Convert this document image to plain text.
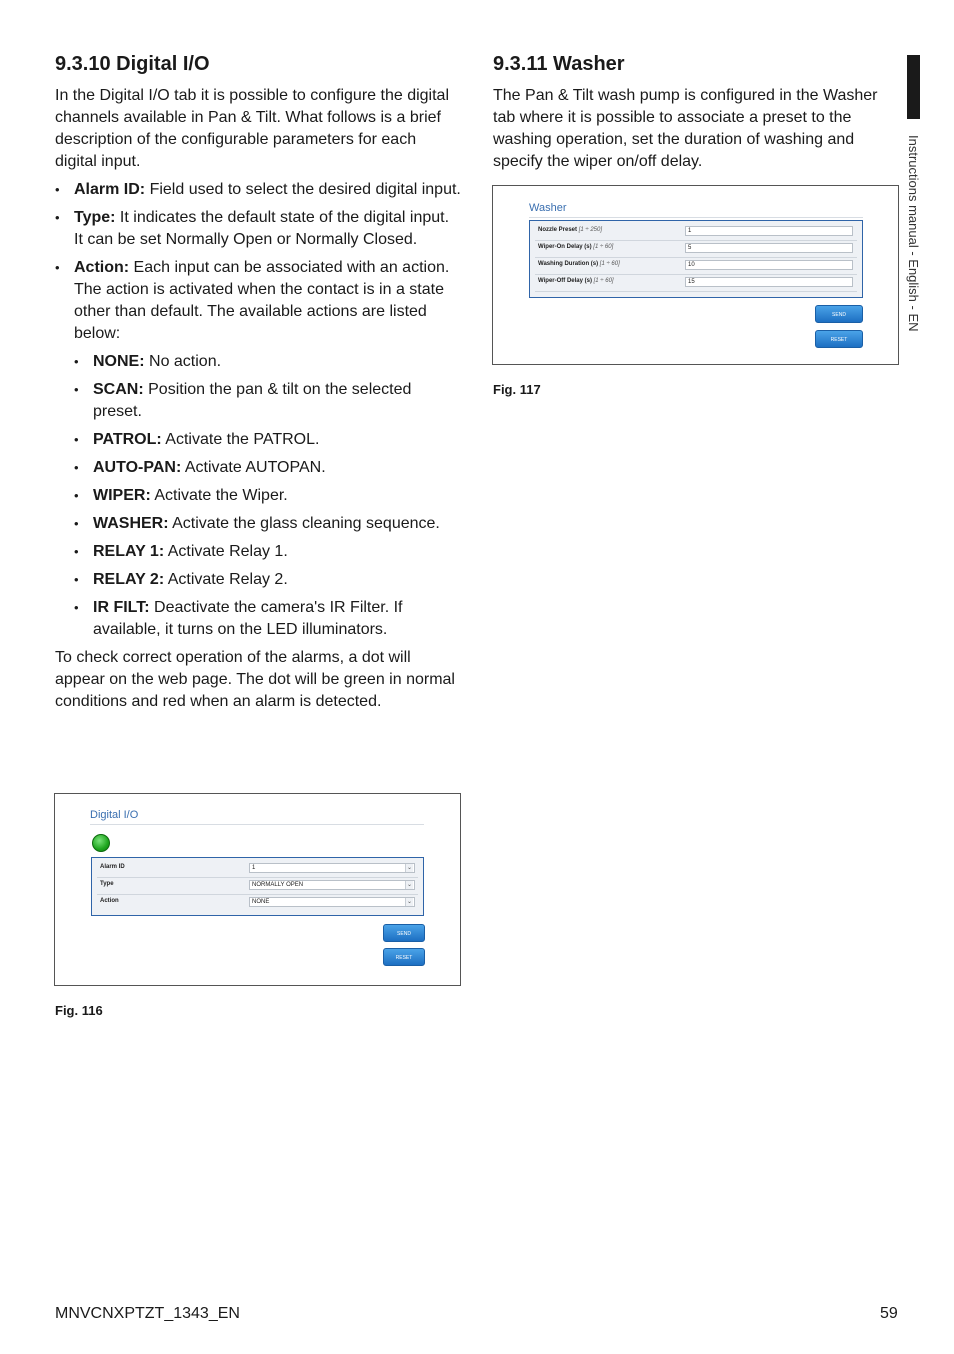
9.3.10 Digital I/O

In the Digital I/O tab it is possible to configure the digital channels available in Pan & Tilt. What follows is a brief description of the configurable parameters for each digital input.

• Alarm ID: Field used to select the desired digital input.
• Type: It indicates the default state of the digital input. It can be set Normally Open or Normally Closed.
• Action: Each input can be associated with an action. The action is activated when the contact is in a state other than default. The available actions are listed below:
• NONE: No action.
• SCAN: Position the pan & tilt on the selected preset.
• PATROL: Activate the PATROL.
• AUTO-PAN: Activate AUTOPAN.
• WIPER: Activate the Wiper.
• WASHER: Activate the glass cleaning sequence.
• RELAY 1: Activate Relay 1.
• RELAY 2: Activate Relay 2.
• IR FILT: Deactivate the camera's IR Filter. If available, it turns on the LED illuminators.

To check correct operation of the alarms, a dot will appear on the web page. The dot will be green in normal conditions and red when an alarm is detected.

Digital I/O
Alarm ID	1	⌄
Type	NORMALLY OPEN	⌄
Action	NONE	⌄
SEND
RESET
Fig. 116
9.3.11 Washer

The Pan & Tilt wash pump is configured in the Washer tab where it is possible to associate a preset to the washing operation, set the duration of washing and specify the wiper on/off delay.

Washer
Nozzle Preset [1 ÷ 250]	1
Wiper-On Delay (s) [1 ÷ 60]	5
Washing Duration (s) [1 ÷ 60]	10
Wiper-Off Delay (s) [1 ÷ 60]	15
SEND
RESET
Fig. 117
Instructions manual - English - EN
MNVCNXPTZT_1343_EN	59
